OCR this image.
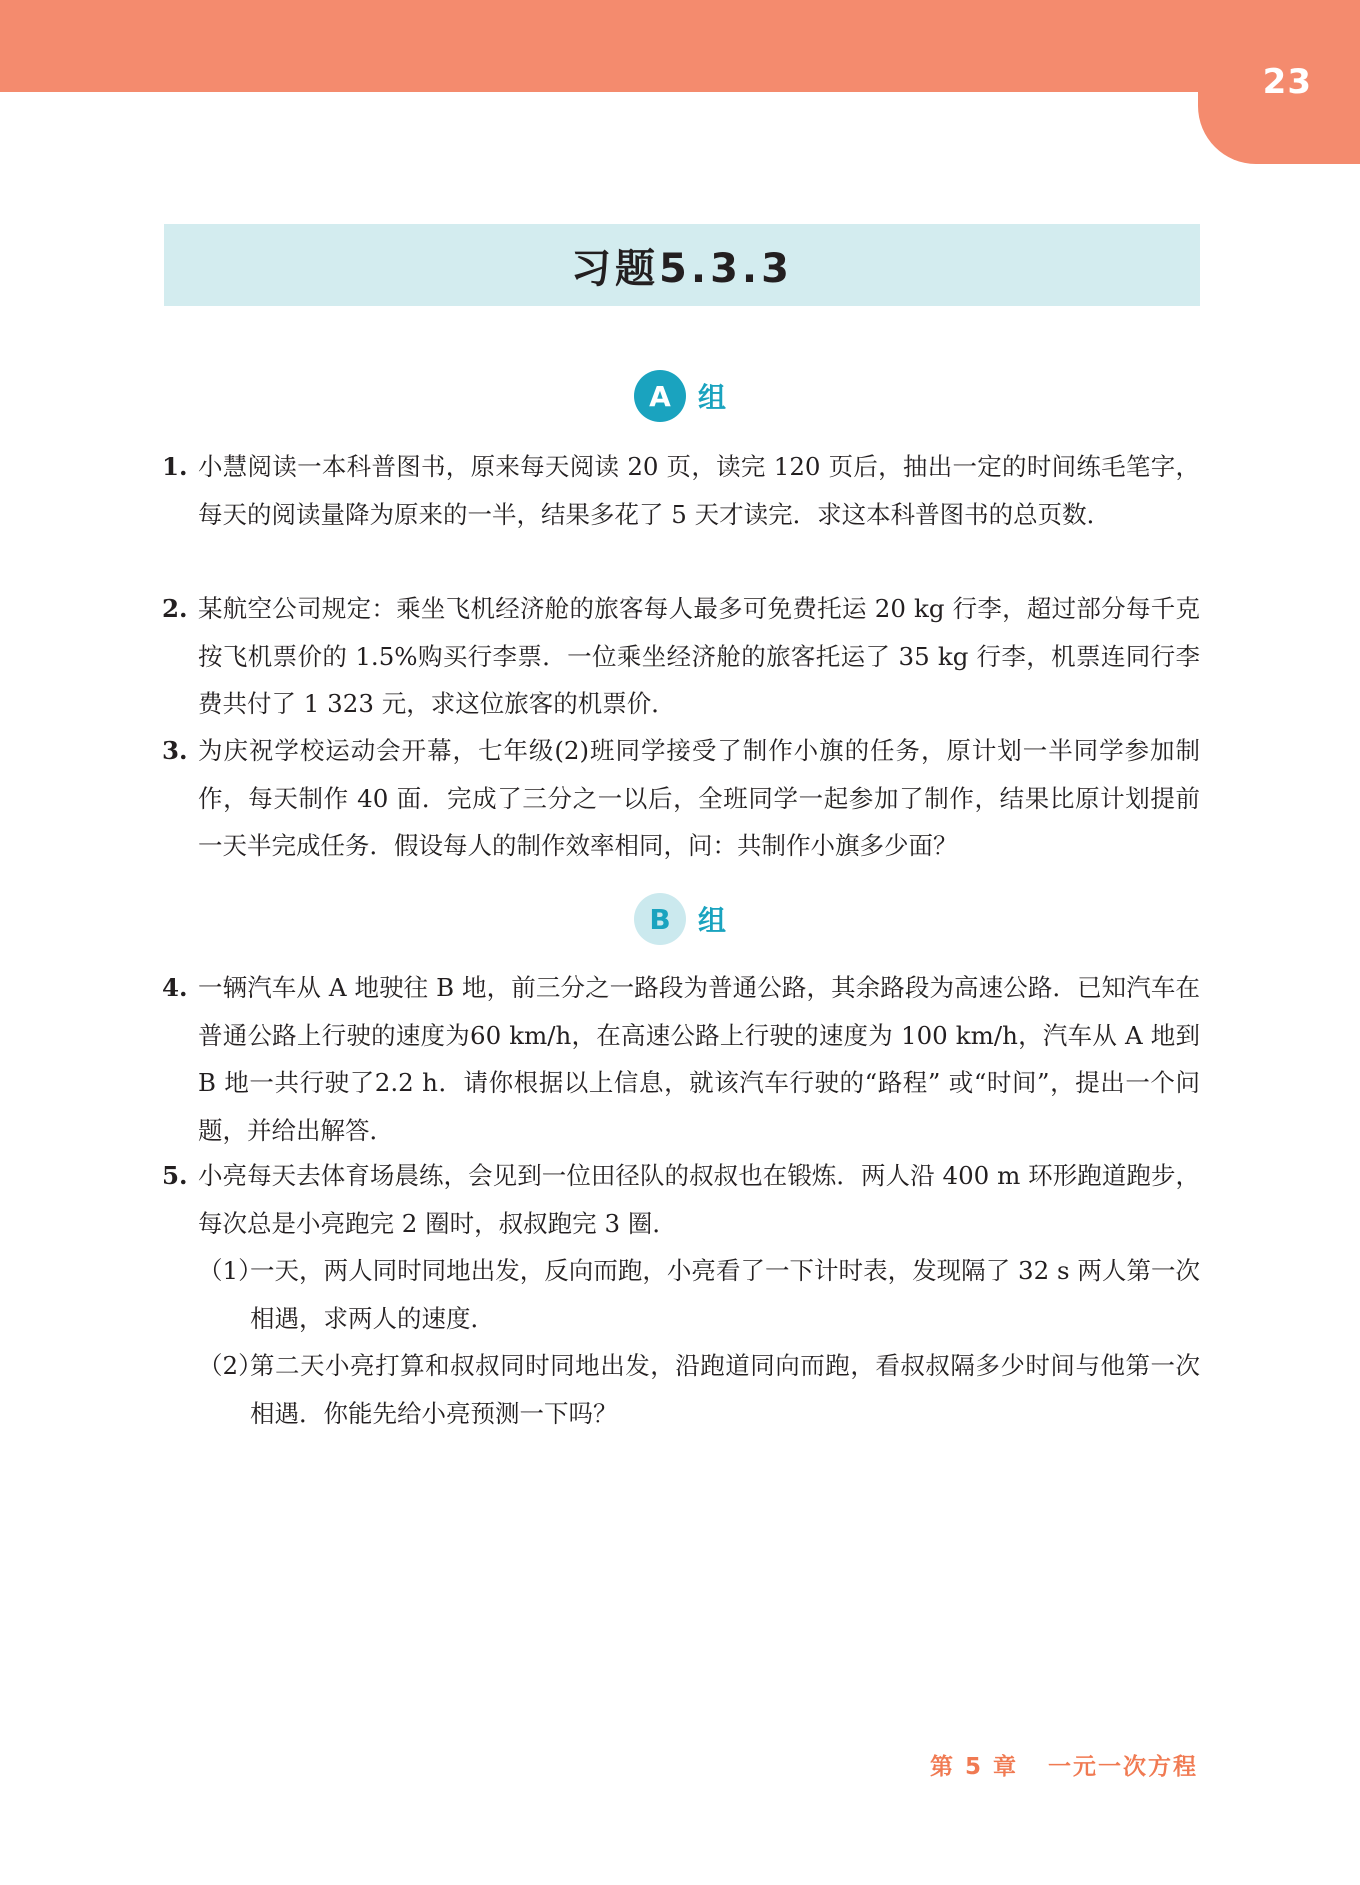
23
习题5.3.3
A 组
1. 小慧阅读一本科普图书，原来每天阅读 20 页，读完 120 页后，抽出一定的时间练毛笔字，每天的阅读量降为原来的一半，结果多花了 5 天才读完．求这本科普图书的总页数．
2. 某航空公司规定：乘坐飞机经济舱的旅客每人最多可免费托运 20 kg 行李，超过部分每千克按飞机票价的 1.5%购买行李票．一位乘坐经济舱的旅客托运了 35 kg 行李，机票连同行李费共付了 1 323 元，求这位旅客的机票价．
3. 为庆祝学校运动会开幕，七年级(2)班同学接受了制作小旗的任务，原计划一半同学参加制作，每天制作 40 面．完成了三分之一以后，全班同学一起参加了制作，结果比原计划提前一天半完成任务．假设每人的制作效率相同，问：共制作小旗多少面？
B 组
4. 一辆汽车从 A 地驶往 B 地，前三分之一路段为普通公路，其余路段为高速公路．已知汽车在普通公路上行驶的速度为60 km/h，在高速公路上行驶的速度为 100 km/h，汽车从 A 地到 B 地一共行驶了2.2 h．请你根据以上信息，就该汽车行驶的“路程” 或“时间”，提出一个问题，并给出解答．
5. 小亮每天去体育场晨练，会见到一位田径队的叔叔也在锻炼．两人沿 400 m 环形跑道跑步，每次总是小亮跑完 2 圈时，叔叔跑完 3 圈．
（1）
一天，两人同时同地出发，反向而跑，小亮看了一下计时表，发现隔了 32 s 两人第一次相遇，求两人的速度．
（2）
第二天小亮打算和叔叔同时同地出发，沿跑道同向而跑，看叔叔隔多少时间与他第一次相遇．你能先给小亮预测一下吗？
第 5 章   一元一次方程
